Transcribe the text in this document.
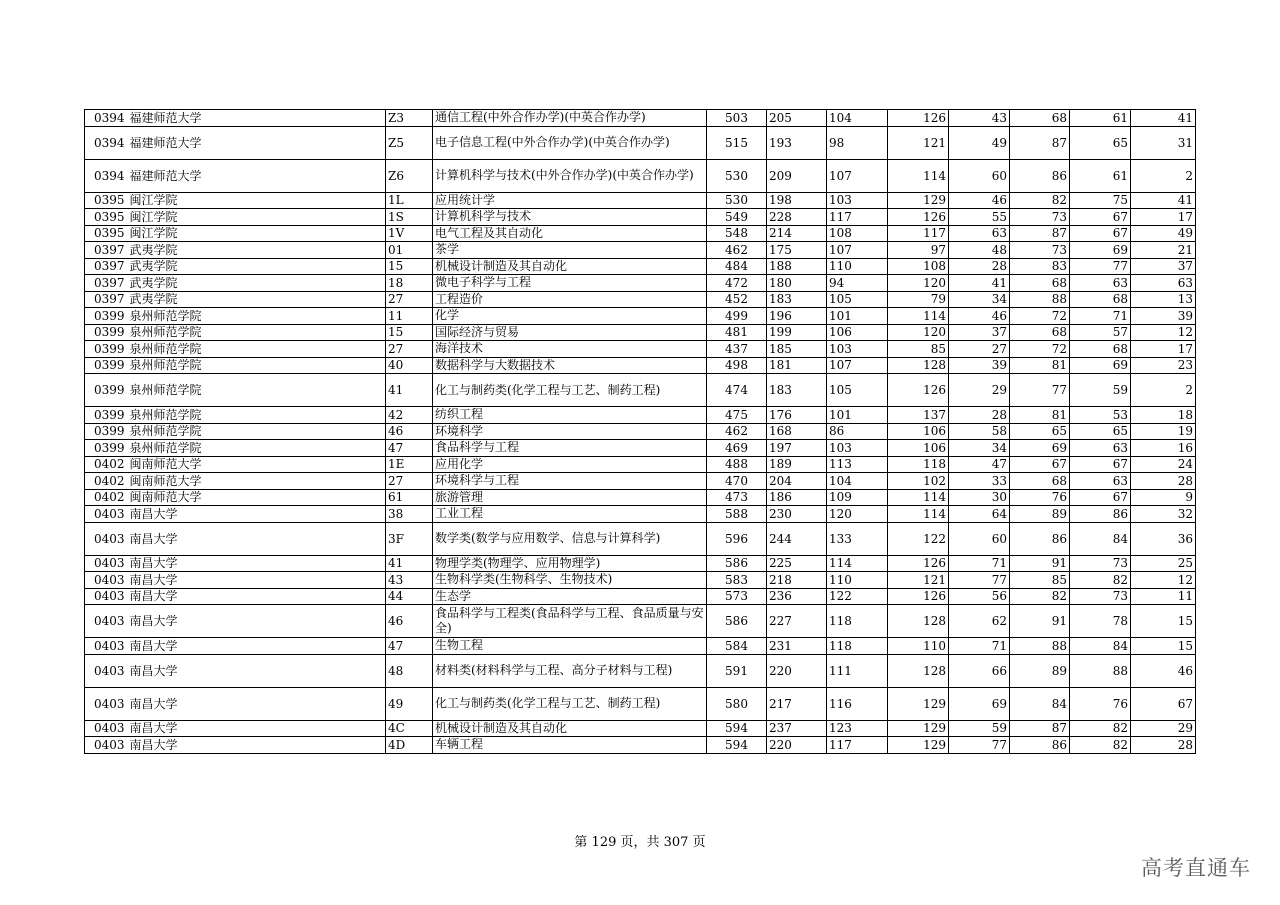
0394	福建师范大学	Z3	通信工程(中外合作办学)(中英合作办学)	503	205	104	126	43	68	61	41
0394	福建师范大学	Z5	电子信息工程(中外合作办学)(中英合作办学)	515	193	98	121	49	87	65	31
0394	福建师范大学	Z6	计算机科学与技术(中外合作办学)(中英合作办学)	530	209	107	114	60	86	61	2
0395	闽江学院	1L	应用统计学	530	198	103	129	46	82	75	41
0395	闽江学院	1S	计算机科学与技术	549	228	117	126	55	73	67	17
0395	闽江学院	1V	电气工程及其自动化	548	214	108	117	63	87	67	49
0397	武夷学院	01	茶学	462	175	107	97	48	73	69	21
0397	武夷学院	15	机械设计制造及其自动化	484	188	110	108	28	83	77	37
0397	武夷学院	18	微电子科学与工程	472	180	94	120	41	68	63	63
0397	武夷学院	27	工程造价	452	183	105	79	34	88	68	13
0399	泉州师范学院	11	化学	499	196	101	114	46	72	71	39
0399	泉州师范学院	15	国际经济与贸易	481	199	106	120	37	68	57	12
0399	泉州师范学院	27	海洋技术	437	185	103	85	27	72	68	17
0399	泉州师范学院	40	数据科学与大数据技术	498	181	107	128	39	81	69	23
0399	泉州师范学院	41	化工与制药类(化学工程与工艺、制药工程)	474	183	105	126	29	77	59	2
0399	泉州师范学院	42	纺织工程	475	176	101	137	28	81	53	18
0399	泉州师范学院	46	环境科学	462	168	86	106	58	65	65	19
0399	泉州师范学院	47	食品科学与工程	469	197	103	106	34	69	63	16
0402	闽南师范大学	1E	应用化学	488	189	113	118	47	67	67	24
0402	闽南师范大学	27	环境科学与工程	470	204	104	102	33	68	63	28
0402	闽南师范大学	61	旅游管理	473	186	109	114	30	76	67	9
0403	南昌大学	38	工业工程	588	230	120	114	64	89	86	32
0403	南昌大学	3F	数学类(数学与应用数学、信息与计算科学)	596	244	133	122	60	86	84	36
0403	南昌大学	41	物理学类(物理学、应用物理学)	586	225	114	126	71	91	73	25
0403	南昌大学	43	生物科学类(生物科学、生物技术)	583	218	110	121	77	85	82	12
0403	南昌大学	44	生态学	573	236	122	126	56	82	73	11
0403	南昌大学	46	食品科学与工程类(食品科学与工程、食品质量与安全)	586	227	118	128	62	91	78	15
0403	南昌大学	47	生物工程	584	231	118	110	71	88	84	15
0403	南昌大学	48	材料类(材料科学与工程、高分子材料与工程)	591	220	111	128	66	89	88	46
0403	南昌大学	49	化工与制药类(化学工程与工艺、制药工程)	580	217	116	129	69	84	76	67
0403	南昌大学	4C	机械设计制造及其自动化	594	237	123	129	59	87	82	29
0403	南昌大学	4D	车辆工程	594	220	117	129	77	86	82	28
第 129 页，共 307 页
高考直通车
